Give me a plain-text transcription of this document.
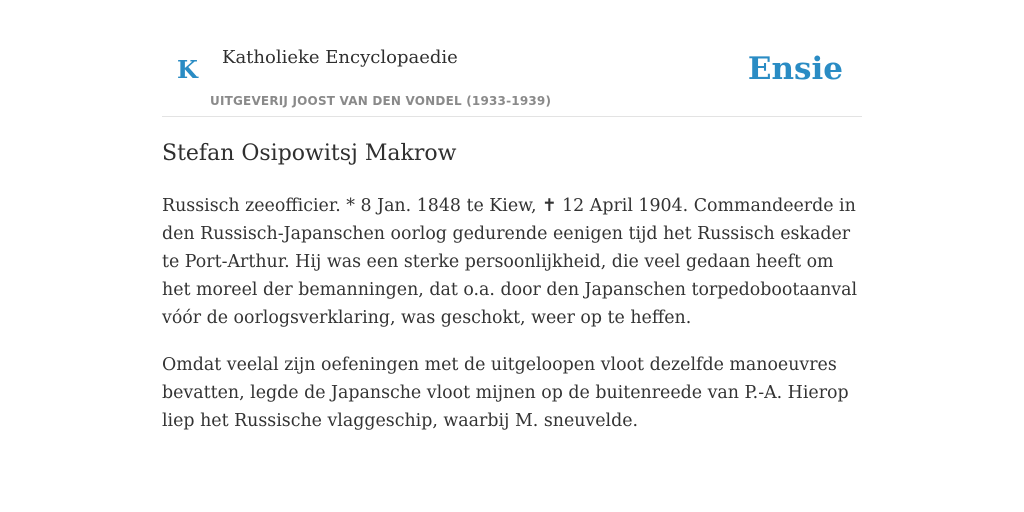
K Katholieke Encyclopaedie
UITGEVERIJ JOOST VAN DEN VONDEL (1933-1939)
Ensie
Stefan Osipowitsj Makrow

Russisch zeeofficier. * 8 Jan. 1848 te Kiew, ✝ 12 April 1904. Commandeerde in den Russisch-Japanschen oorlog gedurende eenigen tijd het Russisch eskader te Port-Arthur. Hij was een sterke persoonlijkheid, die veel gedaan heeft om het moreel der bemanningen, dat o.a. door den Japanschen torpedobootaanval vóór de oorlogsverklaring, was geschokt, weer op te heffen.

Omdat veelal zijn oefeningen met de uitgeloopen vloot dezelfde manoeuvres bevatten, legde de Japansche vloot mijnen op de buitenreede van P.-A. Hierop liep het Russische vlaggeschip, waarbij M. sneuvelde.
